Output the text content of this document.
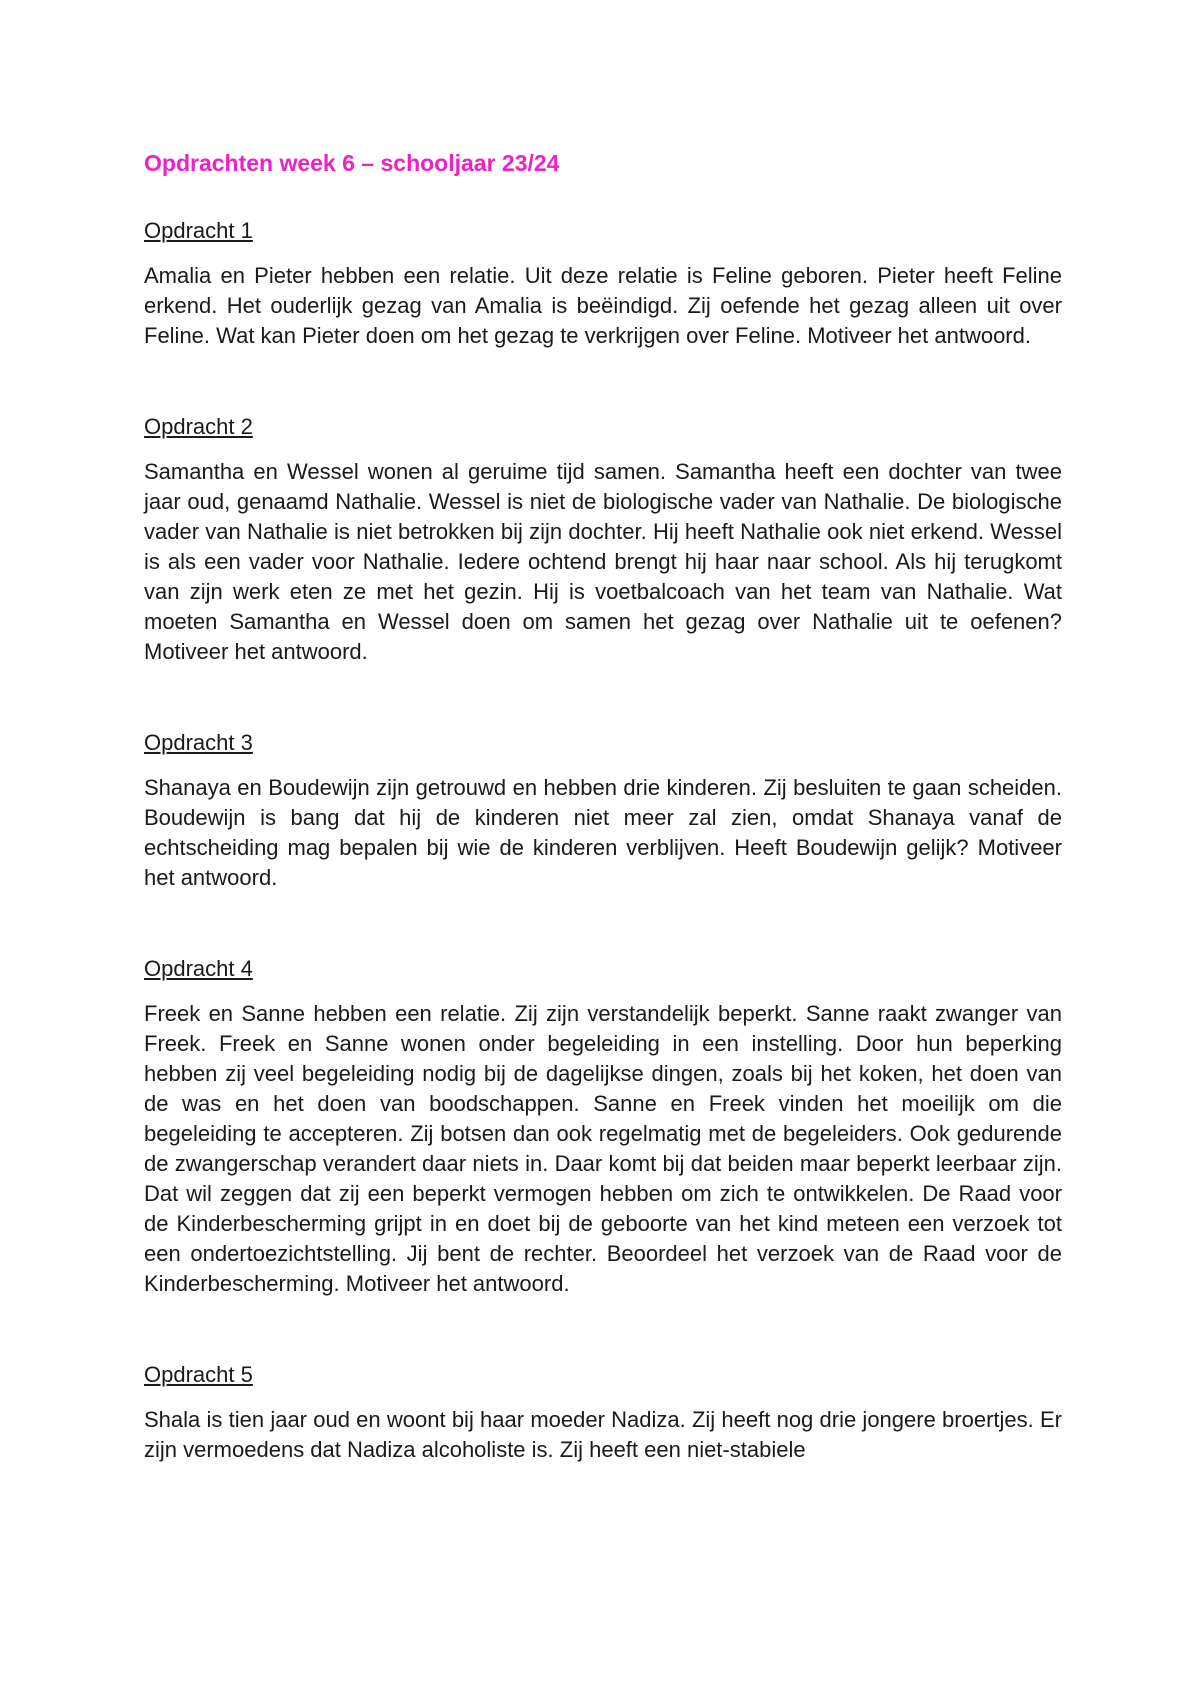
Opdrachten week 6 – schooljaar 23/24
Opdracht 1

Amalia en Pieter hebben een relatie. Uit deze relatie is Feline geboren. Pieter heeft Feline erkend. Het ouderlijk gezag van Amalia is beëindigd. Zij oefende het gezag alleen uit over Feline. Wat kan Pieter doen om het gezag te verkrijgen over Feline. Motiveer het antwoord.

Opdracht 2

Samantha en Wessel wonen al geruime tijd samen. Samantha heeft een dochter van twee jaar oud, genaamd Nathalie. Wessel is niet de biologische vader van Nathalie. De biologische vader van Nathalie is niet betrokken bij zijn dochter. Hij heeft Nathalie ook niet erkend. Wessel is als een vader voor Nathalie. Iedere ochtend brengt hij haar naar school. Als hij terugkomt van zijn werk eten ze met het gezin. Hij is voetbalcoach van het team van Nathalie. Wat moeten Samantha en Wessel doen om samen het gezag over Nathalie uit te oefenen? Motiveer het antwoord.

Opdracht 3

Shanaya en Boudewijn zijn getrouwd en hebben drie kinderen. Zij besluiten te gaan scheiden. Boudewijn is bang dat hij de kinderen niet meer zal zien, omdat Shanaya vanaf de echtscheiding mag bepalen bij wie de kinderen verblijven. Heeft Boudewijn gelijk? Motiveer het antwoord.

Opdracht 4

Freek en Sanne hebben een relatie. Zij zijn verstandelijk beperkt. Sanne raakt zwanger van Freek. Freek en Sanne wonen onder begeleiding in een instelling. Door hun beperking hebben zij veel begeleiding nodig bij de dagelijkse dingen, zoals bij het koken, het doen van de was en het doen van boodschappen. Sanne en Freek vinden het moeilijk om die begeleiding te accepteren. Zij botsen dan ook regelmatig met de begeleiders. Ook gedurende de zwangerschap verandert daar niets in. Daar komt bij dat beiden maar beperkt leerbaar zijn. Dat wil zeggen dat zij een beperkt vermogen hebben om zich te ontwikkelen. De Raad voor de Kinderbescherming grijpt in en doet bij de geboorte van het kind meteen een verzoek tot een ondertoezichtstelling. Jij bent de rechter. Beoordeel het verzoek van de Raad voor de Kinderbescherming. Motiveer het antwoord.

Opdracht 5

Shala is tien jaar oud en woont bij haar moeder Nadiza. Zij heeft nog drie jongere broertjes. Er zijn vermoedens dat Nadiza alcoholiste is. Zij heeft een niet-stabiele
